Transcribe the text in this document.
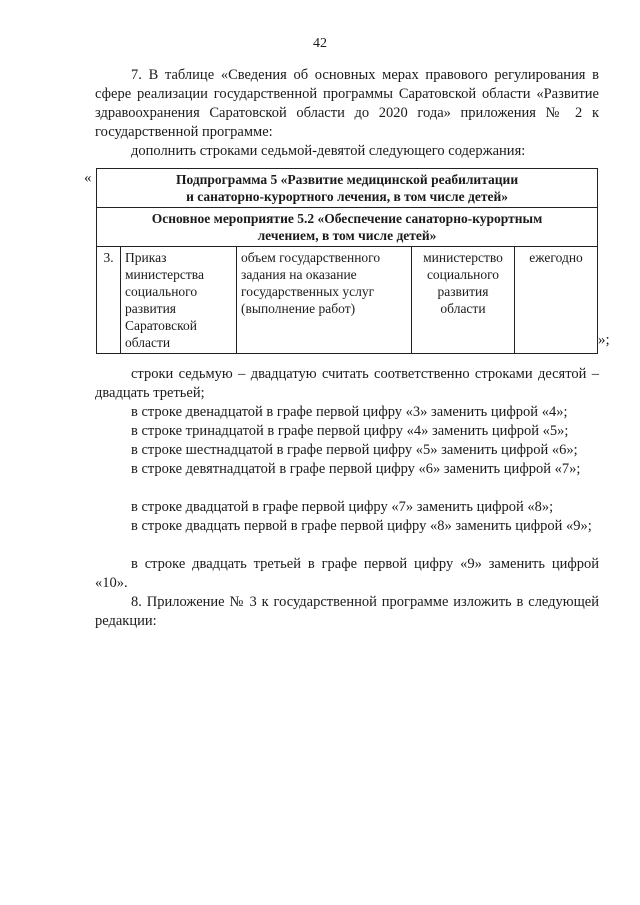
42

7. В таблице «Сведения об основных мерах правового регулирования в сфере реализации государственной программы Саратовской области «Развитие здравоохранения Саратовской области до 2020 года» приложения № 2 к государственной программе:

дополнить строками седьмой-девятой следующего содержания:

«	Подпрограмма 5 «Развитие медицинской реабилитации
и санаторно-курортного лечения, в том числе детей»

Основное мероприятие 5.2 «Обеспечение санаторно-курортным
лечением, в том числе детей»

3.	Приказ министерства социального развития Саратовской области	объем государственного задания на оказание государственных услуг (выполнение работ)	министерство социального развития области	ежегодно
»;

строки седьмую – двадцатую считать соответственно строками десятой – двадцать третьей;

в строке двенадцатой в графе первой цифру «3» заменить цифрой «4»;

в строке тринадцатой в графе первой цифру «4» заменить цифрой «5»;

в строке шестнадцатой в графе первой цифру «5» заменить цифрой «6»;

в строке девятнадцатой в графе первой цифру «6» заменить цифрой «7»;

в строке двадцатой в графе первой цифру «7» заменить цифрой «8»;

в строке двадцать первой в графе первой цифру «8» заменить цифрой «9»;

в строке двадцать третьей в графе первой цифру «9» заменить цифрой «10».

8. Приложение № 3 к государственной программе изложить в следующей редакции:
